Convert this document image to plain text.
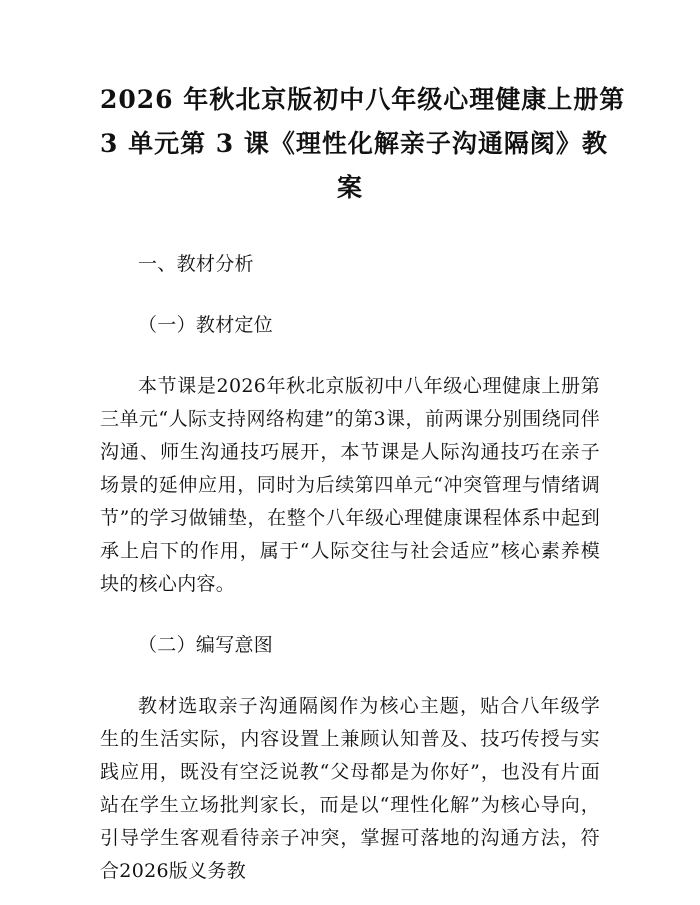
2026 年秋北京版初中八年级心理健康上册第
3 单元第 3 课《理性化解亲子沟通隔阂》教
案
一、教材分析
（一）教材定位

本节课是2026年秋北京版初中八年级心理健康上册第三单元“人际支持网络构建”的第3课，前两课分别围绕同伴沟通、师生沟通技巧展开，本节课是人际沟通技巧在亲子场景的延伸应用，同时为后续第四单元“冲突管理与情绪调节”的学习做铺垫，在整个八年级心理健康课程体系中起到承上启下的作用，属于“人际交往与社会适应”核心素养模块的核心内容。

（二）编写意图

教材选取亲子沟通隔阂作为核心主题，贴合八年级学生的生活实际，内容设置上兼顾认知普及、技巧传授与实践应用，既没有空泛说教“父母都是为你好”，也没有片面站在学生立场批判家长，而是以“理性化解”为核心导向，引导学生客观看待亲子冲突，掌握可落地的沟通方法，符合2026版义务教
